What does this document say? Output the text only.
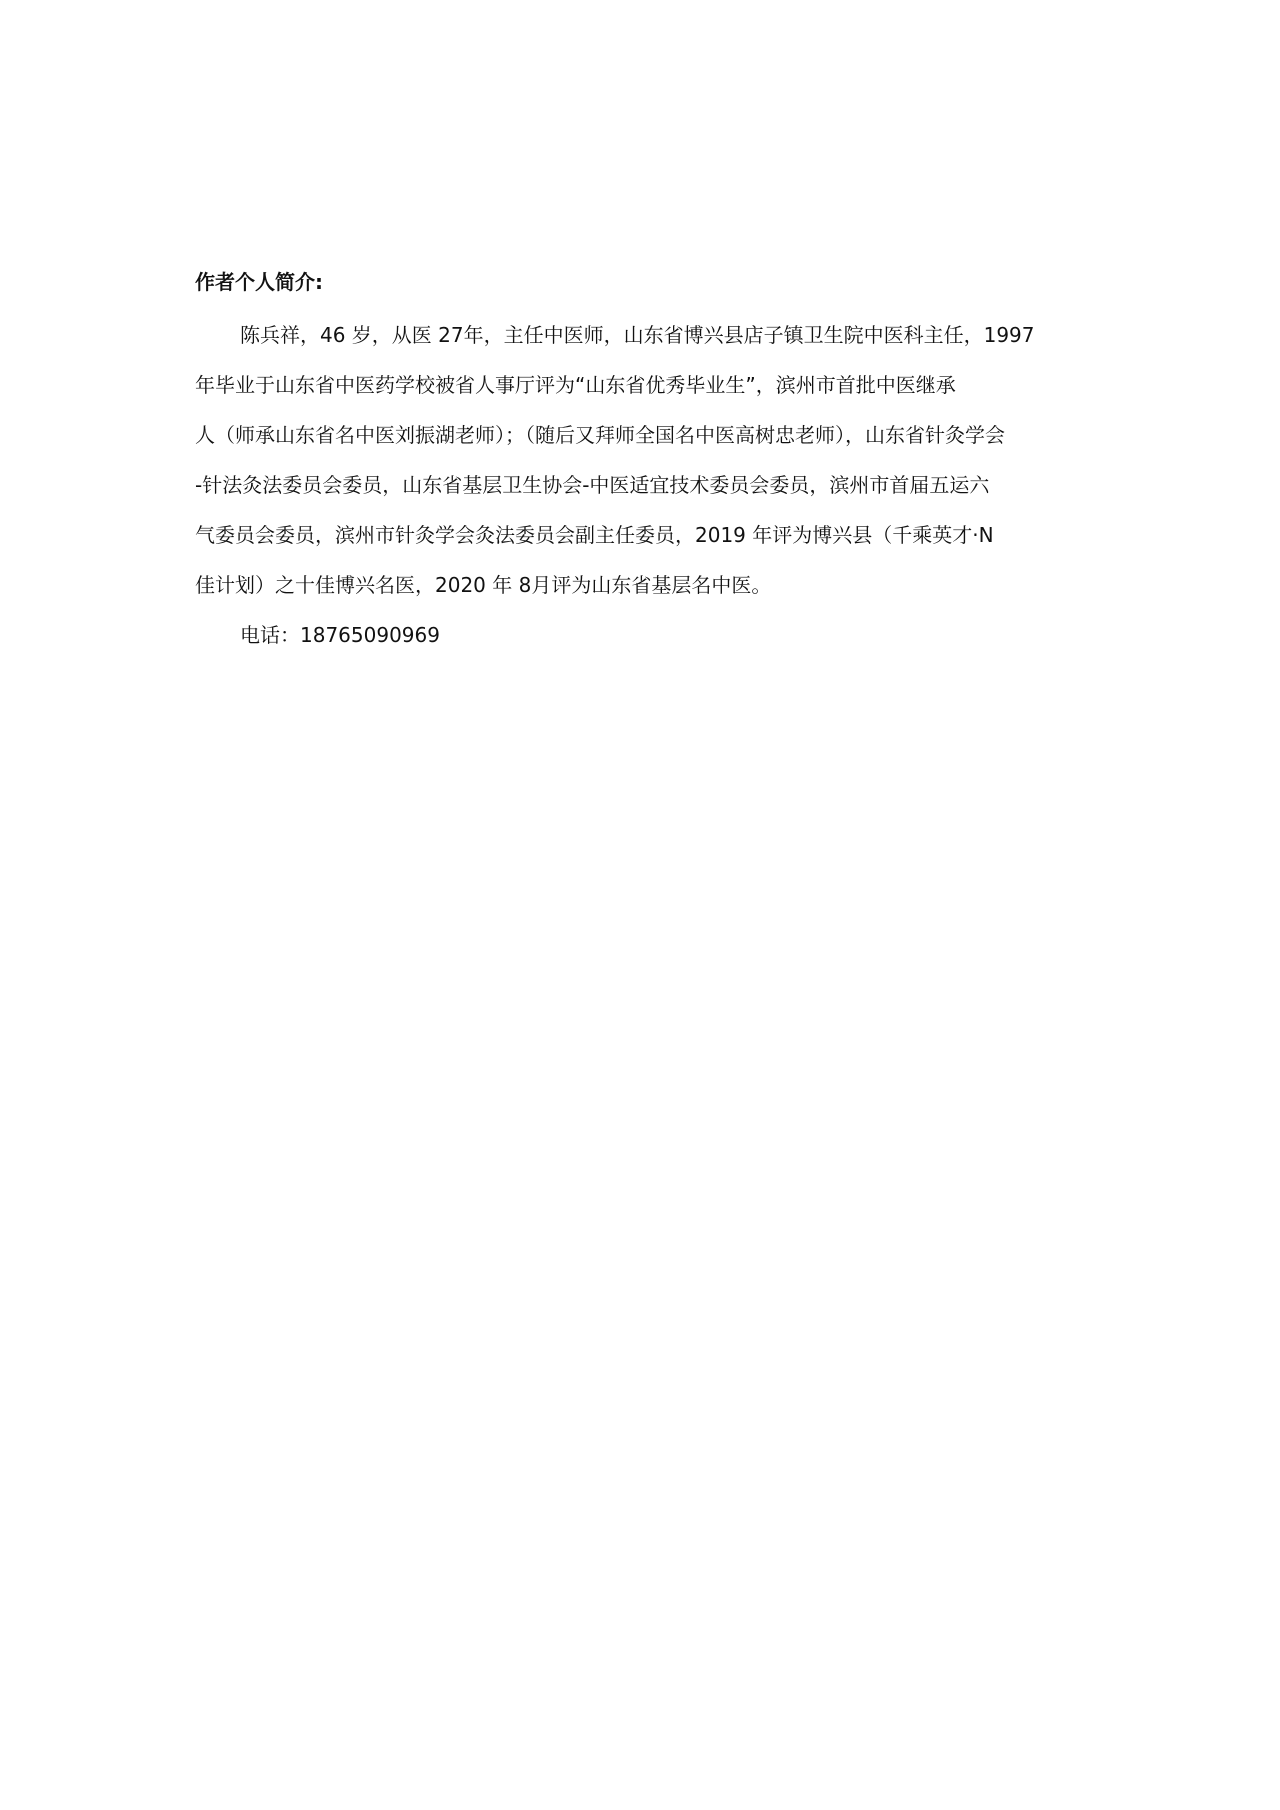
作者个人简介:
陈兵祥，46 岁，从医 27年，主任中医师，山东省博兴县店子镇卫生院中医科主任，1997
年毕业于山东省中医药学校被省人事厅评为“山东省优秀毕业生”，滨州市首批中医继承
人（师承山东省名中医刘振湖老师）；（随后又拜师全国名中医高树忠老师），山东省针灸学会
-针法灸法委员会委员，山东省基层卫生协会-中医适宜技术委员会委员，滨州市首届五运六
气委员会委员，滨州市针灸学会灸法委员会副主任委员，2019 年评为博兴县（千乘英才·N
佳计划）之十佳博兴名医，2020 年 8月评为山东省基层名中医。
电话：18765090969
